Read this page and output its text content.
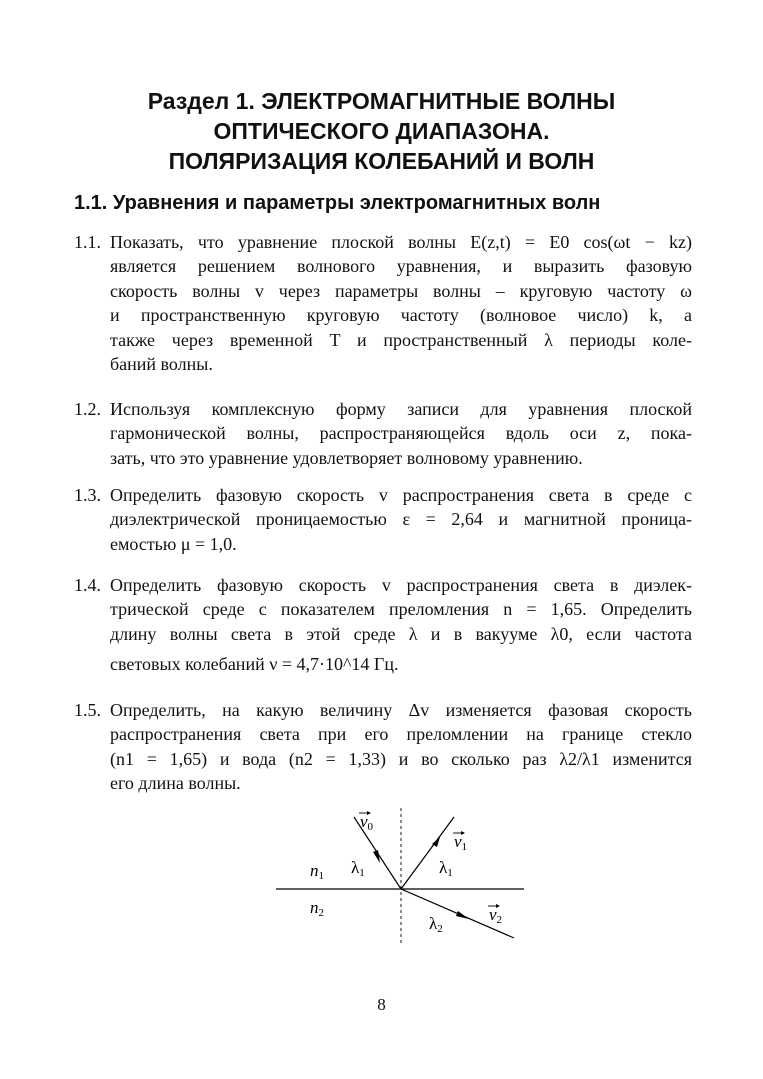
Раздел 1. ЭЛЕКТРОМАГНИТНЫЕ ВОЛНЫ
ОПТИЧЕСКОГО ДИАПАЗОНА.
ПОЛЯРИЗАЦИЯ КОЛЕБАНИЙ И ВОЛН
1.1. Уравнения и параметры электромагнитных волн
1.1. Показать, что уравнение плоской волны E(z,t) = E0 cos(ωt − kz)
является решением волнового уравнения, и выразить фазовую
скорость волны v через параметры волны – круговую частоту ω
и пространственную круговую частоту (волновое число) k, а
также через временной T и пространственный λ периоды коле-
баний волны.
1.2. Используя комплексную форму записи для уравнения плоской
гармонической волны, распространяющейся вдоль оси z, пока-
зать, что это уравнение удовлетворяет волновому уравнению.
1.3. Определить фазовую скорость v распространения света в среде с
диэлектрической проницаемостью ε = 2,64 и магнитной проница-
емостью μ = 1,0.
1.4. Определить фазовую скорость v распространения света в диэлек-
трической среде с показателем преломления n = 1,65. Определить
длину волны света в этой среде λ и в вакууме λ0, если частота
световых колебаний ν = 4,7·10^14 Гц.
1.5. Определить, на какую величину Δv изменяется фазовая скорость
распространения света при его преломлении на границе стекло
(n1 = 1,65) и вода (n2 = 1,33) и во сколько раз λ2/λ1 изменится
его длина волны.
v0
v1
v2
λ1	λ1
λ2
n1
n2
8
